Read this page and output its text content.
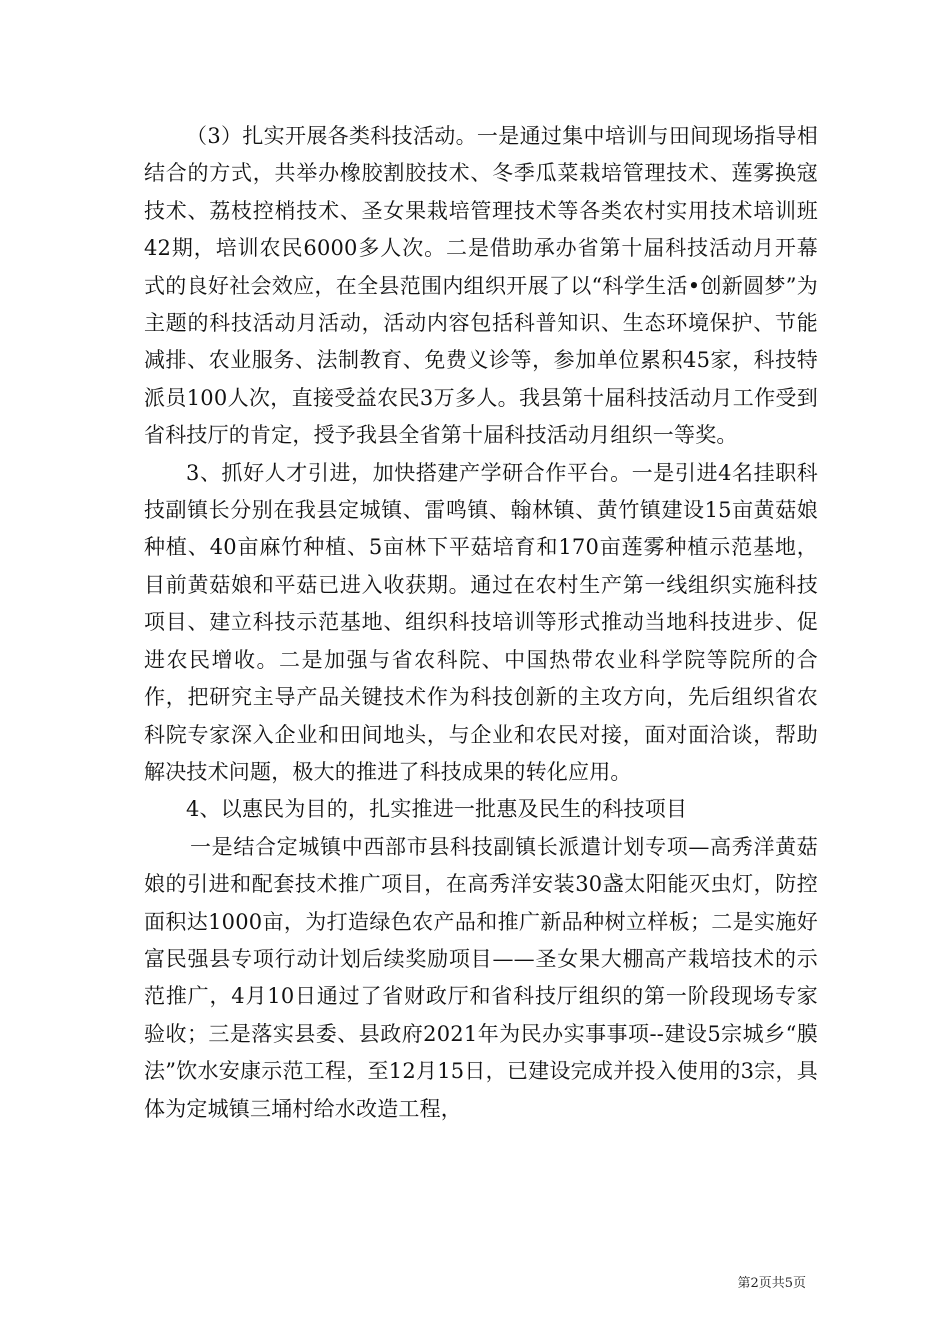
（3）扎实开展各类科技活动。一是通过集中培训与田间现场指导相结合的方式，共举办橡胶割胶技术、冬季瓜菜栽培管理技术、莲雾换寇技术、荔枝控梢技术、圣女果栽培管理技术等各类农村实用技术培训班42期，培训农民6000多人次。二是借助承办省第十届科技活动月开幕式的良好社会效应，在全县范围内组织开展了以“科学生活•创新圆梦”为主题的科技活动月活动，活动内容包括科普知识、生态环境保护、节能减排、农业服务、法制教育、免费义诊等，参加单位累积45家，科技特派员100人次，直接受益农民3万多人。我县第十届科技活动月工作受到省科技厅的肯定，授予我县全省第十届科技活动月组织一等奖。

3、抓好人才引进，加快搭建产学研合作平台。一是引进4名挂职科技副镇长分别在我县定城镇、雷鸣镇、翰林镇、黄竹镇建设15亩黄菇娘种植、40亩麻竹种植、5亩林下平菇培育和170亩莲雾种植示范基地，目前黄菇娘和平菇已进入收获期。通过在农村生产第一线组织实施科技项目、建立科技示范基地、组织科技培训等形式推动当地科技进步、促进农民增收。二是加强与省农科院、中国热带农业科学院等院所的合作，把研究主导产品关键技术作为科技创新的主攻方向，先后组织省农科院专家深入企业和田间地头，与企业和农民对接，面对面洽谈，帮助解决技术问题，极大的推进了科技成果的转化应用。

4、以惠民为目的，扎实推进一批惠及民生的科技项目

一是结合定城镇中西部市县科技副镇长派遣计划专项—高秀洋黄菇娘的引进和配套技术推广项目，在高秀洋安装30盏太阳能灭虫灯，防控面积达1000亩，为打造绿色农产品和推广新品种树立样板；二是实施好富民强县专项行动计划后续奖励项目——圣女果大棚高产栽培技术的示范推广，4月10日通过了省财政厅和省科技厅组织的第一阶段现场专家验收；三是落实县委、县政府2021年为民办实事事项--建设5宗城乡“膜法”饮水安康示范工程，至12月15日，已建设完成并投入使用的3宗，具体为定城镇三埇村给水改造工程，

第2页共5页
